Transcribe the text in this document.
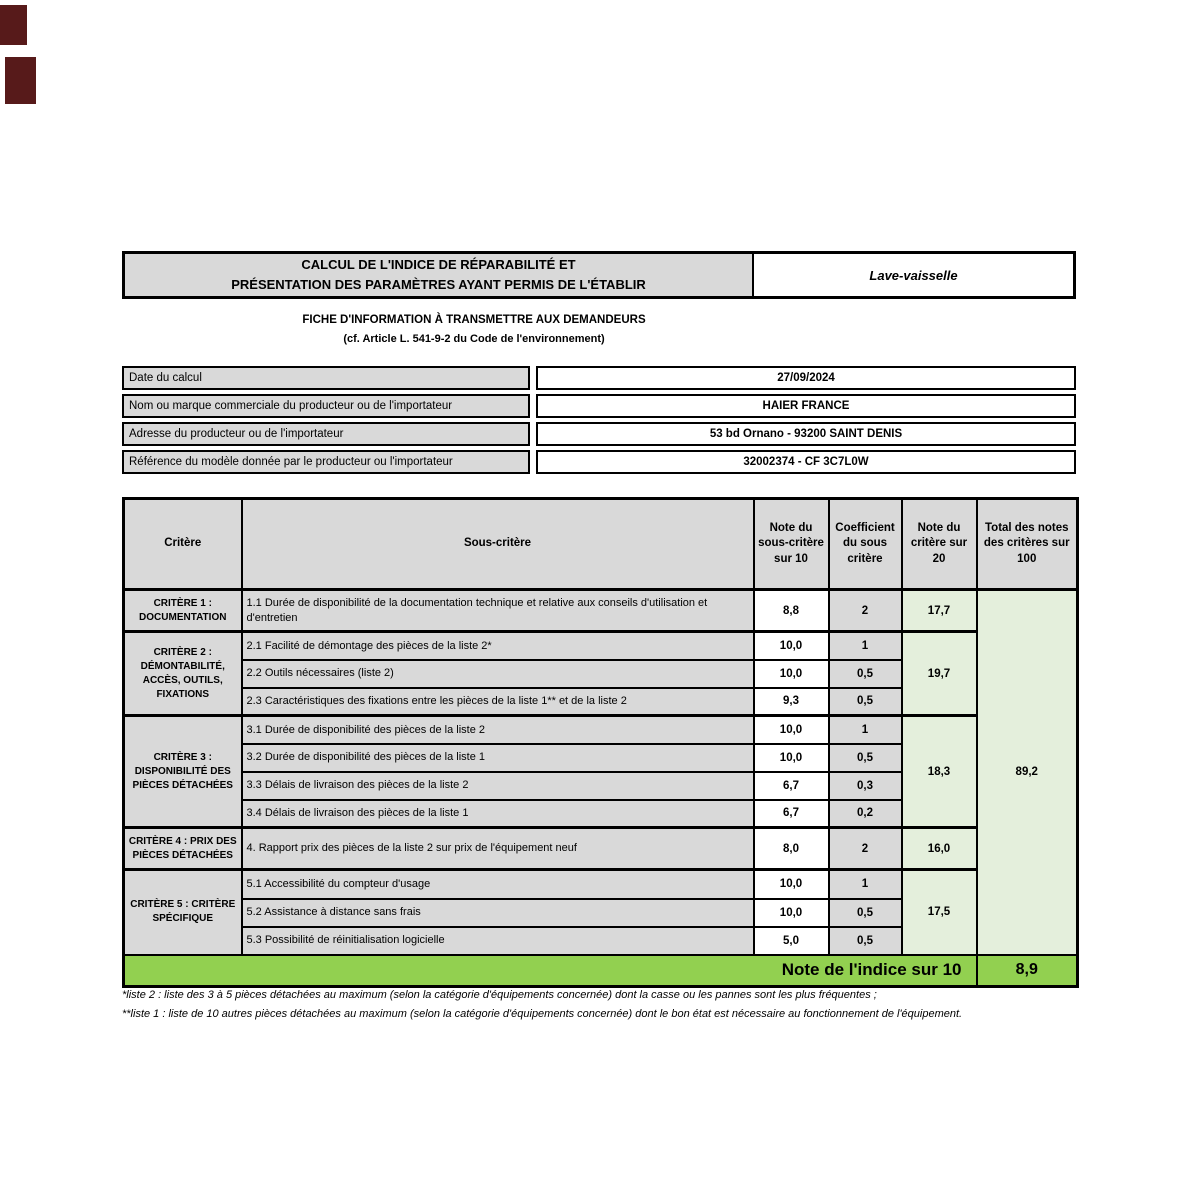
CALCUL DE L'INDICE DE RÉPARABILITÉ ET
PRÉSENTATION DES PARAMÈTRES AYANT PERMIS DE L'ÉTABLIR
Lave-vaisselle
FICHE D'INFORMATION À TRANSMETTRE AUX DEMANDEURS
(cf. Article L. 541-9-2 du Code de l'environnement)
Date du calcul	27/09/2024
Nom ou marque commerciale du producteur ou de l'importateur	HAIER FRANCE
Adresse du producteur ou de l'importateur	53 bd Ornano - 93200 SAINT DENIS
Référence du modèle donnée par le producteur ou l'importateur	32002374 - CF 3C7L0W
Critère	Sous-critère	Note du sous-critère sur 10	Coefficient du sous critère	Note du critère sur 20	Total des notes des critères sur 100
CRITÈRE 1 : DOCUMENTATION	1.1 Durée de disponibilité de la documentation technique et relative aux conseils d'utilisation et d'entretien	8,8	2	17,7	89,2
CRITÈRE 2 : DÉMONTABILITÉ, ACCÈS, OUTILS, FIXATIONS	2.1 Facilité de démontage des pièces de la liste 2*	10,0	1	19,7	
	2.2 Outils nécessaires (liste 2)	10,0	0,5		
	2.3 Caractéristiques des fixations entre les pièces de la liste 1** et de la liste 2	9,3	0,5		
CRITÈRE 3 : DISPONIBILITÉ DES PIÈCES DÉTACHÉES	3.1 Durée de disponibilité des pièces de la liste 2	10,0	1	18,3	
	3.2 Durée de disponibilité des pièces de la liste 1	10,0	0,5		
	3.3 Délais de livraison des pièces de la liste 2	6,7	0,3		
	3.4 Délais de livraison des pièces de la liste 1	6,7	0,2		
CRITÈRE 4 : PRIX DES PIÈCES DÉTACHÉES	4. Rapport prix des pièces de la liste 2 sur prix de l'équipement neuf	8,0	2	16,0	
CRITÈRE 5 : CRITÈRE SPÉCIFIQUE	5.1 Accessibilité du compteur d'usage	10,0	1	17,5	
	5.2 Assistance à distance sans frais	10,0	0,5		
	5.3 Possibilité de réinitialisation logicielle	5,0	0,5		
Note de l'indice sur 10					8,9
*liste 2 : liste des 3 à 5 pièces détachées au maximum (selon la catégorie d'équipements concernée) dont la casse ou les pannes sont les plus fréquentes ;
**liste 1 : liste de 10 autres pièces détachées au maximum (selon la catégorie d'équipements concernée) dont le bon état est nécessaire au fonctionnement de l'équipement.
